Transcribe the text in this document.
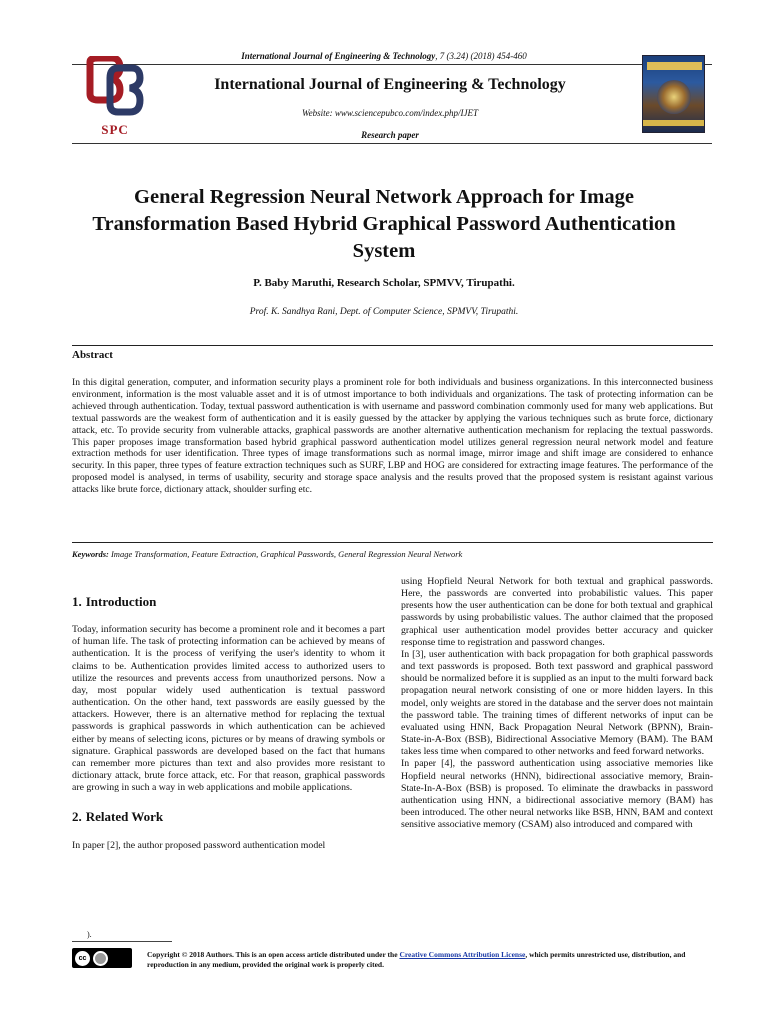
International Journal of Engineering & Technology, 7 (3.24) (2018) 454-460
SPC
International Journal of Engineering & Technology
Website: www.sciencepubco.com/index.php/IJET
Research paper
General Regression Neural Network Approach for Image Transformation Based Hybrid Graphical Password Authentication System
P. Baby Maruthi, Research Scholar, SPMVV, Tirupathi.
Prof. K. Sandhya Rani, Dept. of Computer Science, SPMVV, Tirupathi.
Abstract
In this digital generation, computer, and information security plays a prominent role for both individuals and business organizations. In this interconnected business environment, information is the most valuable asset and it is of utmost importance to both individuals and organizations. The task of protecting information can be achieved through authentication. Today, textual password authentication is with username and password combination commonly used for many web applications. But textual passwords are the weakest form of authentication and it is easily guessed by the attacker by applying the various techniques such as brute force, dictionary attack, etc. To provide security from vulnerable attacks, graphical passwords are another alternative authentication mechanism for replacing the textual passwords. This paper proposes image transformation based hybrid graphical password authentication model utilizes general regression neural network model and feature extraction methods for user identification. Three types of image transformations such as normal image, mirror image and shift image are considered to enhance security. In this paper, three types of feature extraction techniques such as SURF, LBP and HOG are considered for extracting image features. The performance of the proposed model is analysed, in terms of usability, security and storage space analysis and the results proved that the proposed system is resistant against various attacks like brute force, dictionary attack, shoulder surfing etc.
Keywords: Image Transformation, Feature Extraction, Graphical Passwords, General Regression Neural Network
1. Introduction

Today, information security has become a prominent role and it becomes a part of human life. The task of protecting information can be achieved by means of authentication. It is the process of verifying the user's identity to whom it claims to be. Authentication provides limited access to authorized users to utilize the resources and prevents access from unauthorized persons. Now a day, most popular widely used authentication is textual password authentication. On the other hand, text passwords are easily guessed by the attackers. However, there is an alternative method for replacing the textual passwords is graphical passwords in which authentication can be achieved either by means of selecting icons, pictures or by means of drawing symbols or signature. Graphical passwords are developed based on the fact that humans can remember more pictures than text and also provides more resistant to dictionary attack, brute force attack, etc. For that reason, graphical passwords are growing in such a way in web applications and mobile applications.

2. Related Work

In paper [2], the author proposed password authentication model

using Hopfield Neural Network for both textual and graphical passwords. Here, the passwords are converted into probabilistic values. This paper presents how the user authentication can be done for both textual and graphical passwords by using probabilistic values. The author claimed that the proposed graphical user authentication model provides better accuracy and quicker response time to registration and password changes.

In [3], user authentication with back propagation for both graphical passwords and text passwords is proposed. Both text password and graphical password should be normalized before it is supplied as an input to the multi forward back propagation neural network consisting of one or more hidden layers. In this model, only weights are stored in the database and the server does not maintain the password table. The training times of different networks of input can be evaluated using HNN, Back Propagation Neural Network (BPNN), Brain-State-in-A-Box (BSB), Bidirectional Associative Memory (BAM). The BAM takes less time when compared to other networks and feed forward networks.

In paper [4], the password authentication using associative memories like Hopfield neural networks (HNN), bidirectional associative memory, Brain-State-In-A-Box (BSB) is proposed. To eliminate the drawbacks in password authentication using HNN, a bidirectional associative memory (BAM) has been introduced. The other neural networks like BSB, HNN, BAM and context sensitive associative memory (CSAM) also introduced and compared with

).
cc	Copyright © 2018 Authors. This is an open access article distributed under the Creative Commons Attribution License, which permits unrestricted use, distribution, and reproduction in any medium, provided the original work is properly cited.
